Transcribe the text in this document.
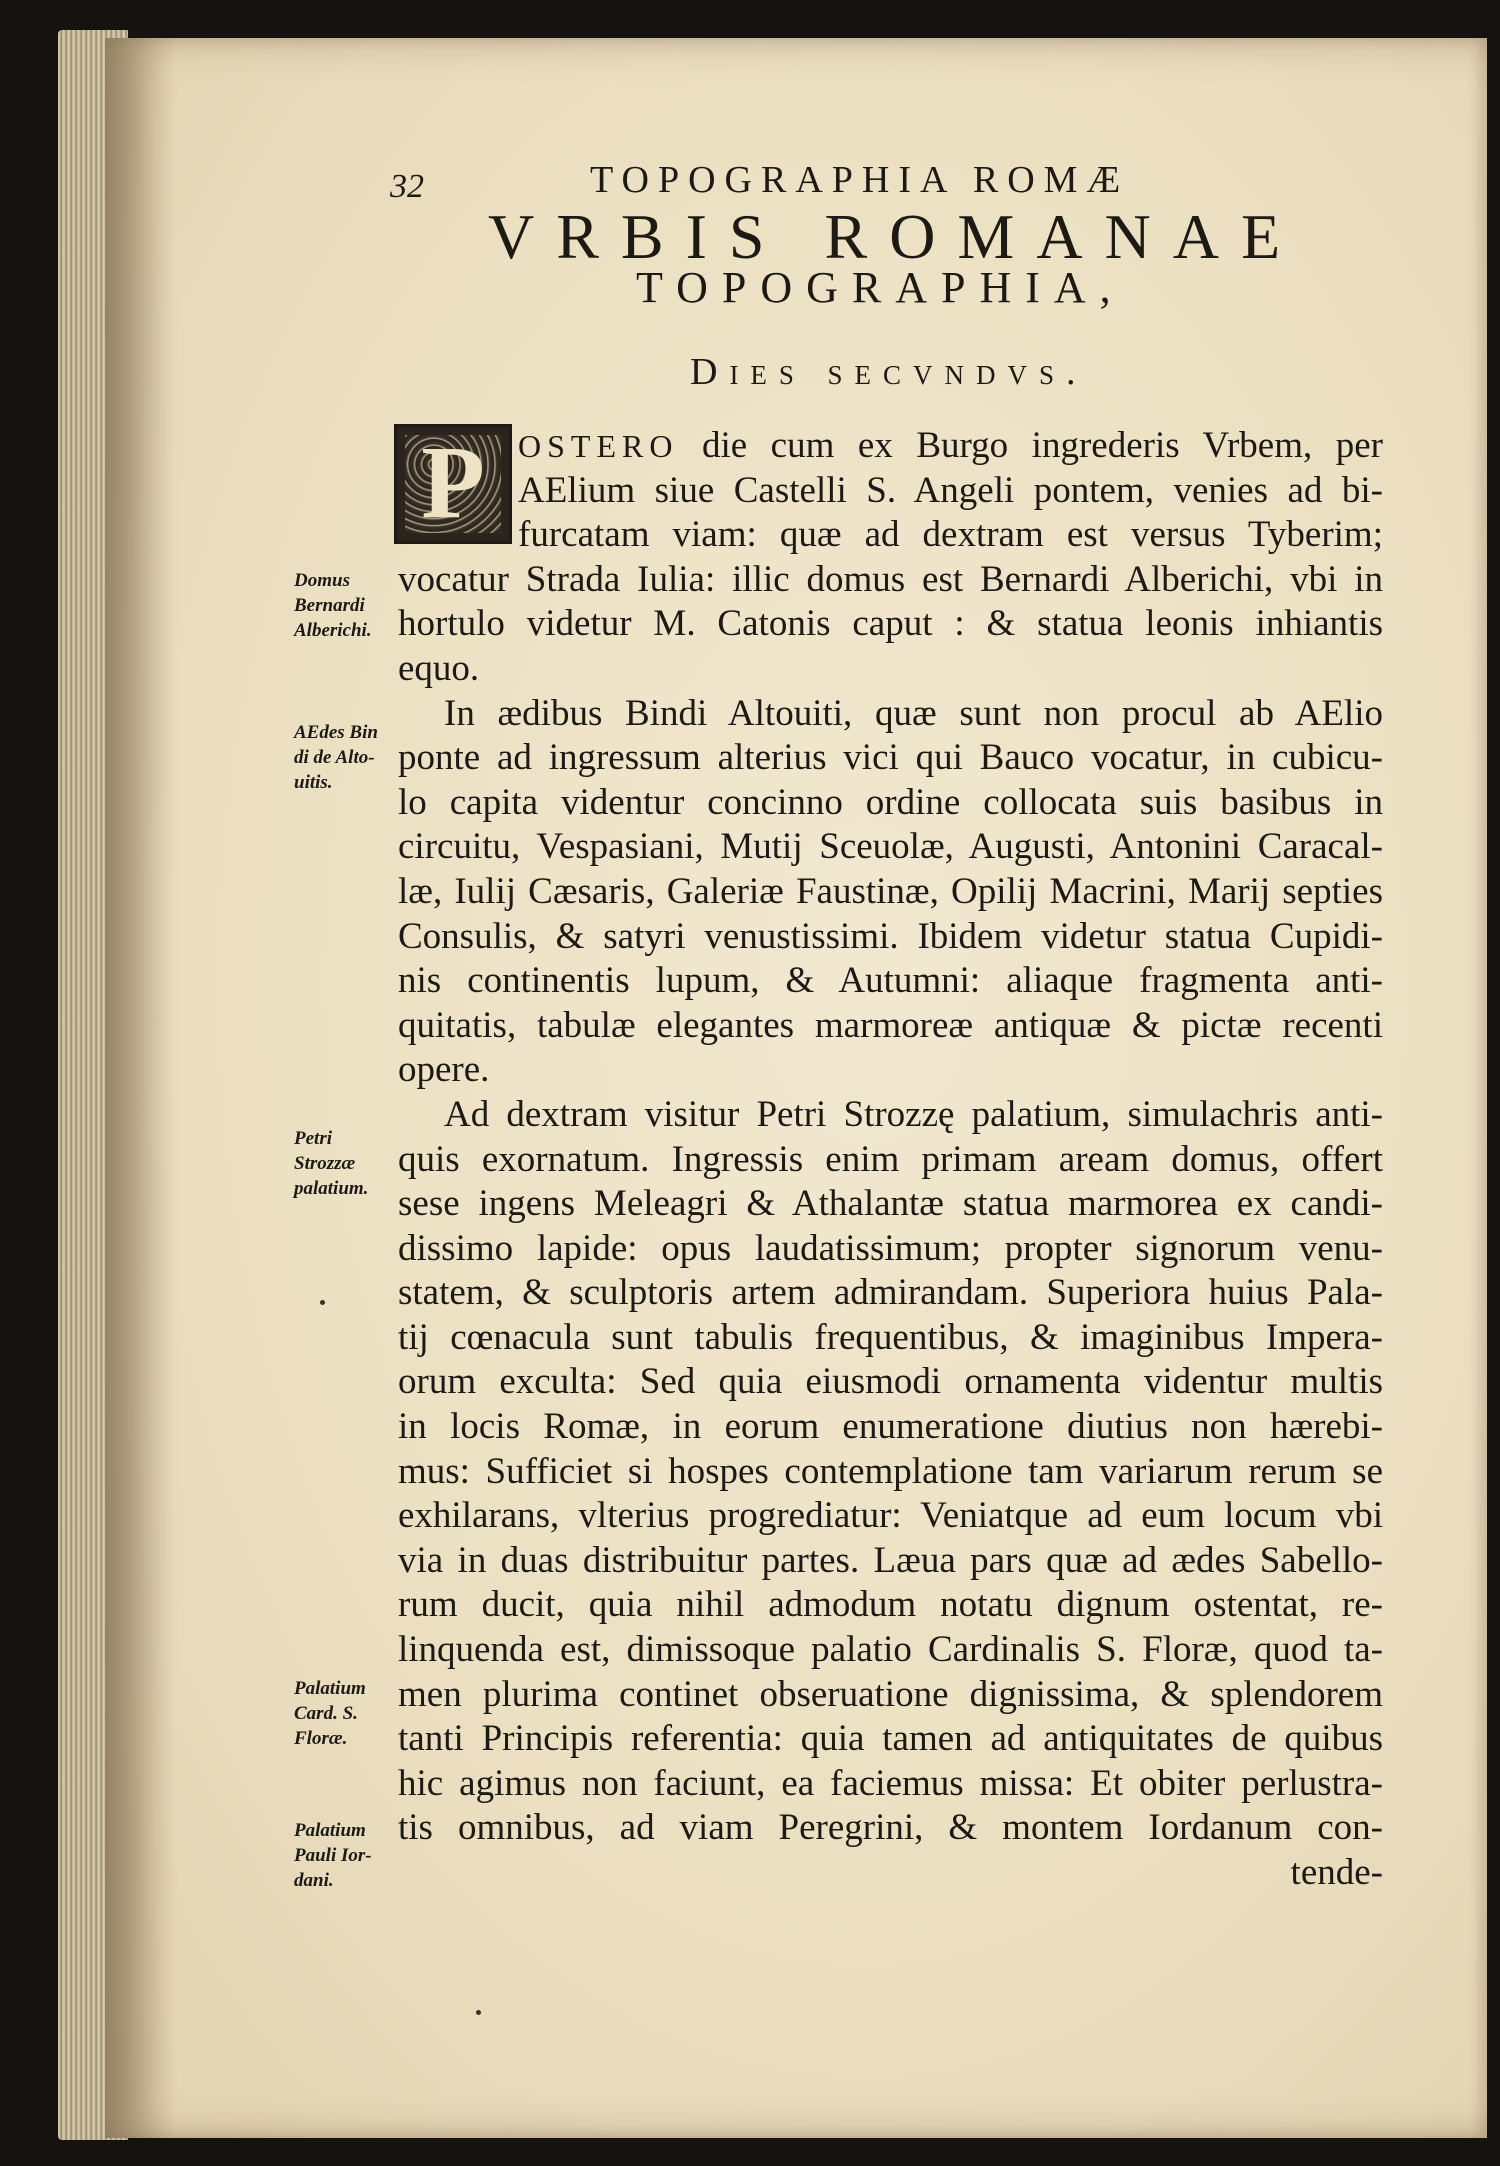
32	TOPOGRAPHIA ROMÆ
VRBIS ROMANAE
TOPOGRAPHIA,
Dies secvndvs.
P	OSTERO die cum ex Burgo ingrederis Vrbem, per
AElium siue Castelli S. Angeli pontem, venies ad bi-
furcatam viam: quæ ad dextram est versus Tyberim;
vocatur Strada Iulia: illic domus est Bernardi Alberichi, vbi in
hortulo videtur M. Catonis caput : & statua leonis inhiantis
equo.
In ædibus Bindi Altouiti, quæ sunt non procul ab AElio
ponte ad ingressum alterius vici qui Bauco vocatur, in cubicu-
lo capita videntur concinno ordine collocata suis basibus in
circuitu, Vespasiani, Mutij Sceuolæ, Augusti, Antonini Caracal-
læ, Iulij Cæsaris, Galeriæ Faustinæ, Opilij Macrini, Marij septies
Consulis, & satyri venustissimi. Ibidem videtur statua Cupidi-
nis continentis lupum, & Autumni: aliaque fragmenta anti-
quitatis, tabulæ elegantes marmoreæ antiquæ & pictæ recenti
opere.
Ad dextram visitur Petri Strozzę palatium, simulachris anti-
quis exornatum. Ingressis enim primam aream domus, offert
sese ingens Meleagri & Athalantæ statua marmorea ex candi-
dissimo lapide: opus laudatissimum; propter signorum venu-
statem, & sculptoris artem admirandam. Superiora huius Pala-
tij cœnacula sunt tabulis frequentibus, & imaginibus Impera-
orum exculta: Sed quia eiusmodi ornamenta videntur multis
in locis Romæ, in eorum enumeratione diutius non hærebi-
mus: Sufficiet si hospes contemplatione tam variarum rerum se
exhilarans, vlterius progrediatur: Veniatque ad eum locum vbi
via in duas distribuitur partes. Læua pars quæ ad ædes Sabello-
rum ducit, quia nihil admodum notatu dignum ostentat, re-
linquenda est, dimissoque palatio Cardinalis S. Floræ, quod ta-
men plurima continet obseruatione dignissima, & splendorem
tanti Principis referentia: quia tamen ad antiquitates de quibus
hic agimus non faciunt, ea faciemus missa: Et obiter perlustra-
tis omnibus, ad viam Peregrini, & montem Iordanum con-
tende-
Domus
Bernardi
Alberichi.
AEdes Bin
di de Alto-
uitis.
Petri
Strozzæ
palatium.
Palatium
Card. S.
Floræ.
Palatium
Pauli Ior-
dani.
